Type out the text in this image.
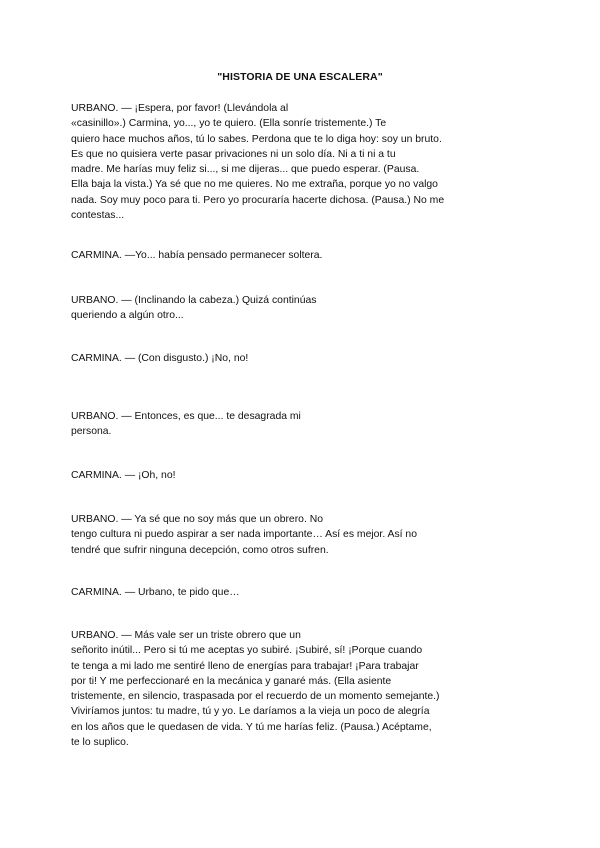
"HISTORIA DE UNA ESCALERA"
URBANO. — ¡Espera, por favor! (Llevándola al
«casinillo».) Carmina, yo..., yo te quiero. (Ella sonríe tristemente.) Te
quiero hace muchos años, tú lo sabes. Perdona que te lo diga hoy: soy un bruto.
Es que no quisiera verte pasar privaciones ni un solo día. Ni a ti ni a tu
madre. Me harías muy feliz si..., si me dijeras... que puedo esperar. (Pausa.
Ella baja la vista.) Ya sé que no me quieres. No me extraña, porque yo no valgo
nada. Soy muy poco para ti. Pero yo procuraría hacerte dichosa. (Pausa.) No me
contestas...
CARMINA. —Yo... había pensado permanecer soltera.
URBANO. — (Inclinando la cabeza.) Quizá continúas
queriendo a algún otro...
CARMINA. — (Con disgusto.) ¡No, no!
URBANO. — Entonces, es que... te desagrada mi
persona.
CARMINA. — ¡Oh, no!
URBANO. — Ya sé que no soy más que un obrero. No
tengo cultura ni puedo aspirar a ser nada importante… Así es mejor. Así no
tendré que sufrir ninguna decepción, como otros sufren.
CARMINA. — Urbano, te pido que…
URBANO. — Más vale ser un triste obrero que un
señorito inútil... Pero si tú me aceptas yo subiré. ¡Subiré, sí! ¡Porque cuando
te tenga a mi lado me sentiré lleno de energías para trabajar! ¡Para trabajar
por ti! Y me perfeccionaré en la mecánica y ganaré más. (Ella asiente
tristemente, en silencio, traspasada por el recuerdo de un momento semejante.)
Viviríamos juntos: tu madre, tú y yo. Le daríamos a la vieja un poco de alegría
en los años que le quedasen de vida. Y tú me harías feliz. (Pausa.) Acéptame,
te lo suplico.
